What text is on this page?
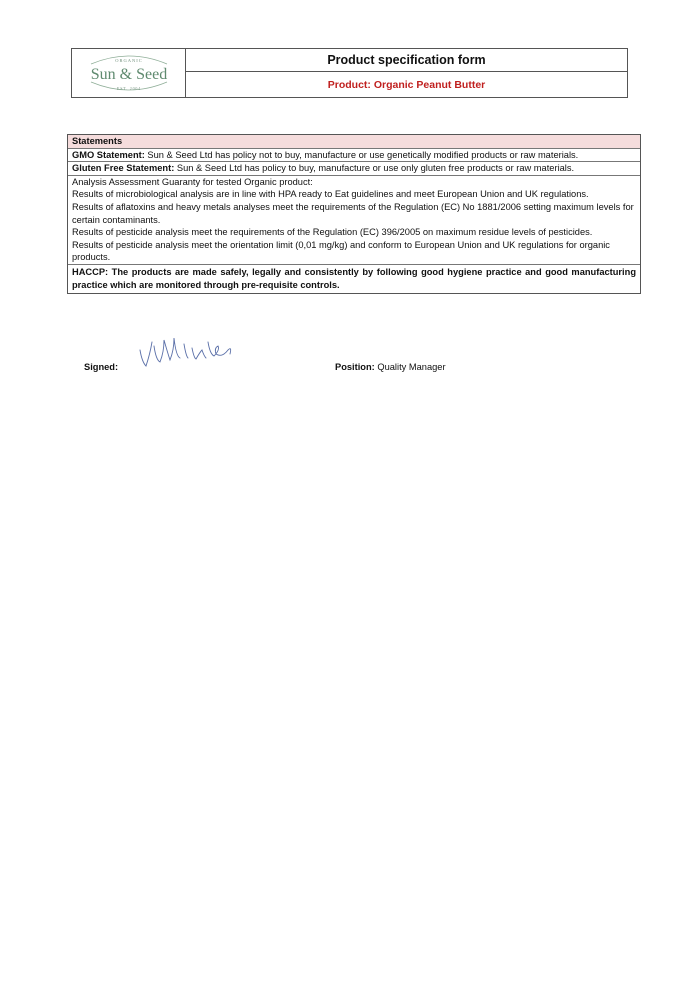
ORGANIC
Sun & Seed
EST. 2004
Product specification form
Product: Organic Peanut Butter
Statements
GMO Statement: Sun & Seed Ltd has policy not to buy, manufacture or use genetically modified products or raw materials.
Gluten Free Statement: Sun & Seed Ltd has policy to buy, manufacture or use only gluten free products or raw materials.
Analysis Assessment Guaranty for tested Organic product:
Results of microbiological analysis are in line with HPA ready to Eat guidelines and meet European Union and UK regulations.
Results of aflatoxins and heavy metals analyses meet the requirements of the Regulation (EC) No 1881/2006 setting maximum levels for certain contaminants.
Results of pesticide analysis meet the requirements of the Regulation (EC) 396/2005 on maximum residue levels of pesticides.
Results of pesticide analysis meet the orientation limit (0,01 mg/kg) and conform to European Union and UK regulations for organic products.
HACCP: The products are made safely, legally and consistently by following good hygiene practice and good manufacturing practice which are monitored through pre-requisite controls.
Signed:	Position: Quality Manager
